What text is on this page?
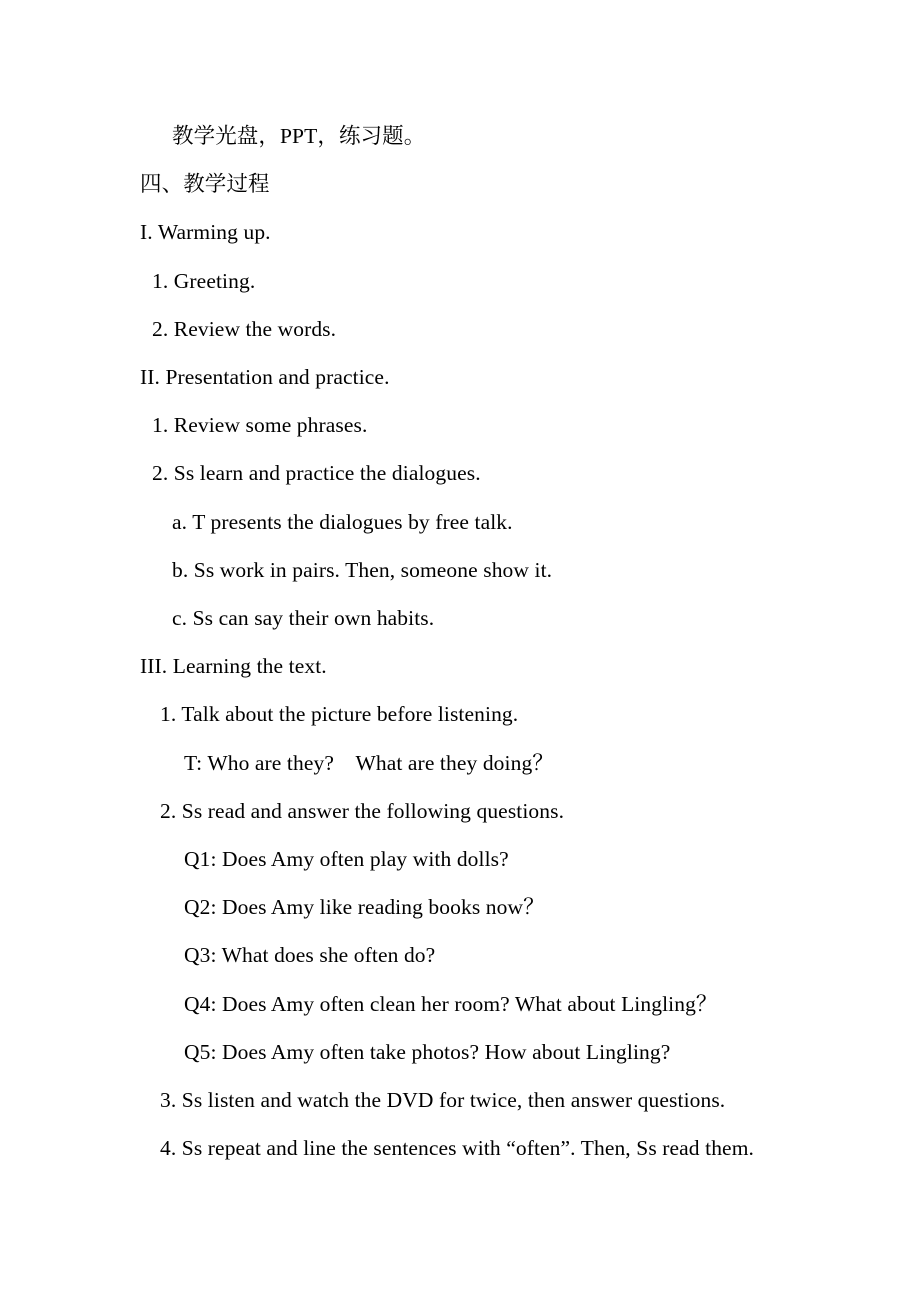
教学光盘，PPT，练习题。

四、教学过程

I. Warming up.

1. Greeting.

2. Review the words.

II. Presentation and practice.

1. Review some phrases.

2. Ss learn and practice the dialogues.

a. T presents the dialogues by free talk.

b. Ss work in pairs. Then, someone show it.

c. Ss can say their own habits.

III. Learning the text.

1. Talk about the picture before listening.

T: Who are they?    What are they doing？

2. Ss read and answer the following questions.

Q1: Does Amy often play with dolls?

Q2: Does Amy like reading books now？

Q3: What does she often do?

Q4: Does Amy often clean her room? What about Lingling？

Q5: Does Amy often take photos? How about Lingling?

3. Ss listen and watch the DVD for twice, then answer questions.

4. Ss repeat and line the sentences with “often”. Then, Ss read them.
